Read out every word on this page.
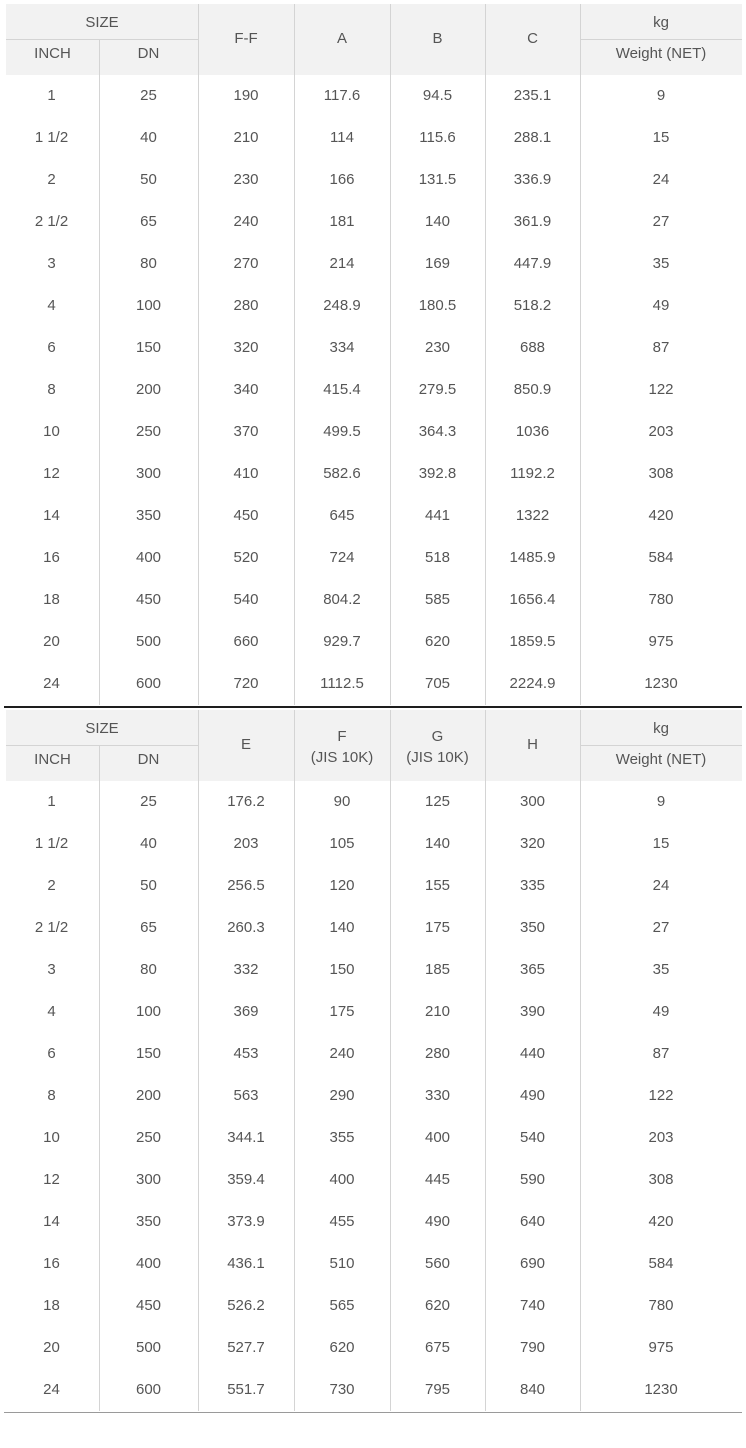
SIZE
INCH	DN
F-F	A	B	C
kg
Weight (NET)
1	25	190	117.6	94.5	235.1	9
1 1/2	40	210	114	115.6	288.1	15
2	50	230	166	131.5	336.9	24
2 1/2	65	240	181	140	361.9	27
3	80	270	214	169	447.9	35
4	100	280	248.9	180.5	518.2	49
6	150	320	334	230	688	87
8	200	340	415.4	279.5	850.9	122
10	250	370	499.5	364.3	1036	203
12	300	410	582.6	392.8	1192.2	308
14	350	450	645	441	1322	420
16	400	520	724	518	1485.9	584
18	450	540	804.2	585	1656.4	780
20	500	660	929.7	620	1859.5	975
24	600	720	1112.5	705	2224.9	1230
SIZE
INCH	DN
E	F
(JIS 10K)
G
(JIS 10K)
H
kg
Weight (NET)
1	25	176.2	90	125	300	9
1 1/2	40	203	105	140	320	15
2	50	256.5	120	155	335	24
2 1/2	65	260.3	140	175	350	27
3	80	332	150	185	365	35
4	100	369	175	210	390	49
6	150	453	240	280	440	87
8	200	563	290	330	490	122
10	250	344.1	355	400	540	203
12	300	359.4	400	445	590	308
14	350	373.9	455	490	640	420
16	400	436.1	510	560	690	584
18	450	526.2	565	620	740	780
20	500	527.7	620	675	790	975
24	600	551.7	730	795	840	1230
